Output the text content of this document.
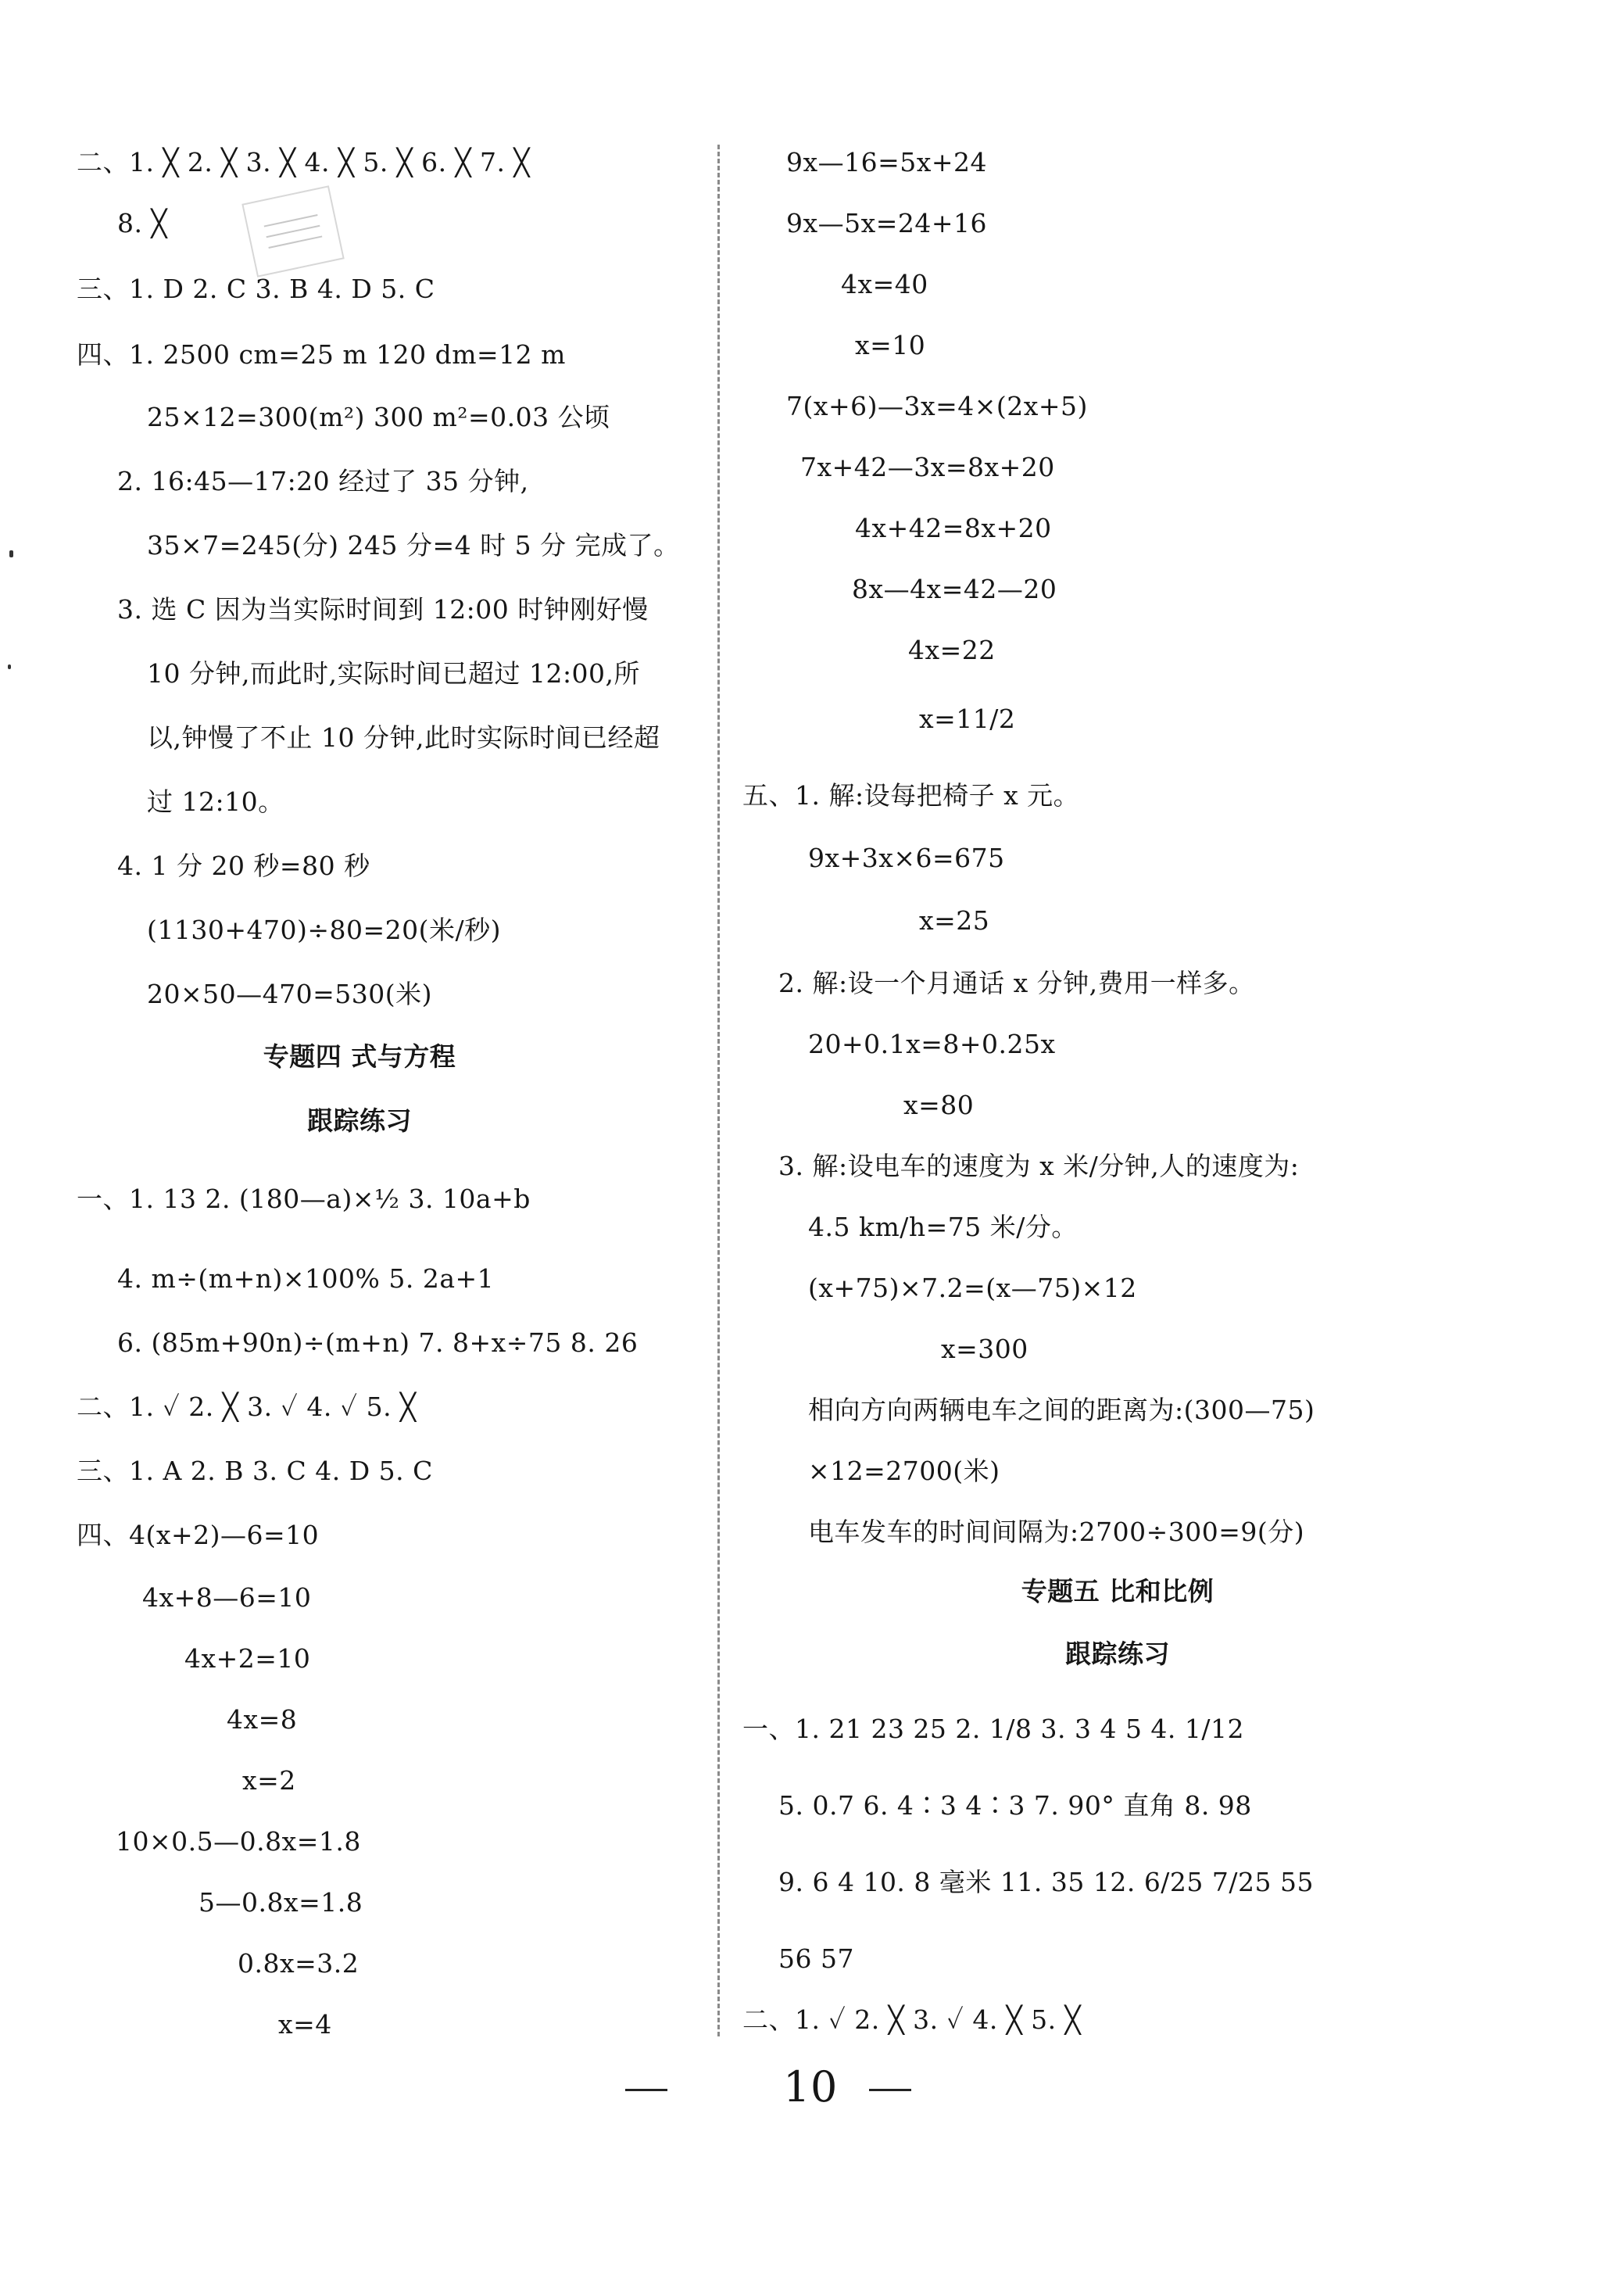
二、1. ╳ 2. ╳ 3. ╳ 4. ╳ 5. ╳ 6. ╳ 7. ╳
8. ╳
三、1. D 2. C 3. B 4. D 5. C
四、1. 2500 cm=25 m 120 dm=12 m
25×12=300(m²) 300 m²=0.03 公顷
2. 16:45—17:20 经过了 35 分钟,
35×7=245(分) 245 分=4 时 5 分 完成了。
3. 选 C 因为当实际时间到 12:00 时钟刚好慢
10 分钟,而此时,实际时间已超过 12:00,所
以,钟慢了不止 10 分钟,此时实际时间已经超
过 12:10。
4. 1 分 20 秒=80 秒
(1130+470)÷80=20(米/秒)
20×50—470=530(米)
专题四 式与方程
跟踪练习
一、1. 13 2. (180—a)×½ 3. 10a+b
4. m÷(m+n)×100% 5. 2a+1
6. (85m+90n)÷(m+n) 7. 8+x÷75 8. 26
二、1. ✓ 2. ╳ 3. ✓ 4. ✓ 5. ╳
三、1. A 2. B 3. C 4. D 5. C
四、4(x+2)—6=10
4x+8—6=10
4x+2=10
4x=8
x=2
10×0.5—0.8x=1.8
5—0.8x=1.8
0.8x=3.2
x=4
9x—16=5x+24
9x—5x=24+16
4x=40
x=10
7(x+6)—3x=4×(2x+5)
7x+42—3x=8x+20
4x+42=8x+20
8x—4x=42—20
4x=22
x=11/2
五、1. 解:设每把椅子 x 元。
9x+3x×6=675
x=25
2. 解:设一个月通话 x 分钟,费用一样多。
20+0.1x=8+0.25x
x=80
3. 解:设电车的速度为 x 米/分钟,人的速度为:
4.5 km/h=75 米/分。
(x+75)×7.2=(x—75)×12
x=300
相向方向两辆电车之间的距离为:(300—75)
×12=2700(米)
电车发车的时间间隔为:2700÷300=9(分)
专题五 比和比例
跟踪练习
一、1. 21 23 25 2. 1/8 3. 3 4 5 4. 1/12
5. 0.7 6. 4∶3 4∶3 7. 90° 直角 8. 98
9. 6 4 10. 8 毫米 11. 35 12. 6/25 7/25 55
56 57
二、1. ✓ 2. ╳ 3. ✓ 4. ╳ 5. ╳
10
